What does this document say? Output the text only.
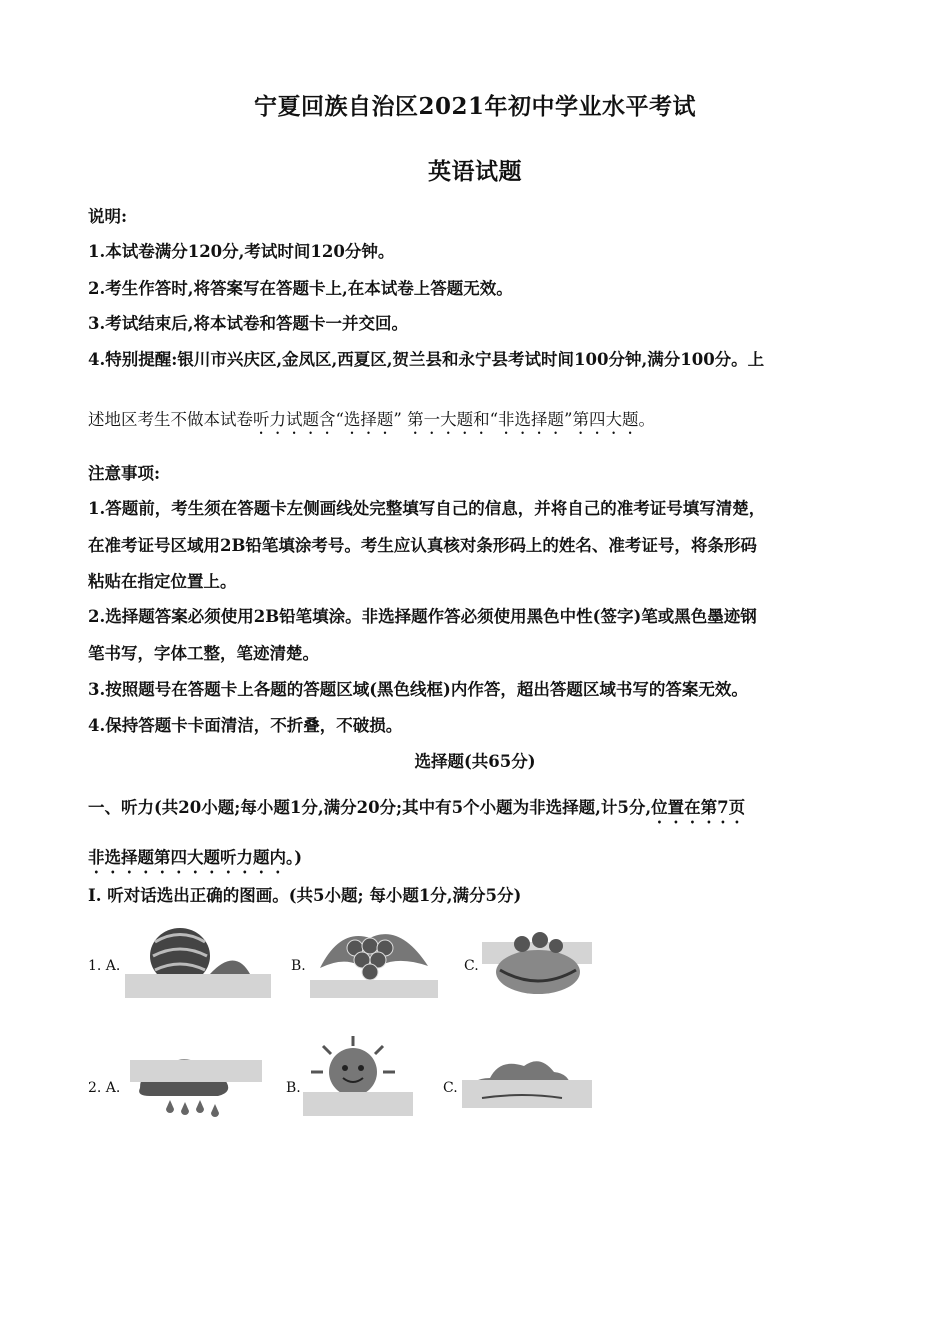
宁夏回族自治区2021年初中学业水平考试
英语试题
说明:
1.本试卷满分120分,考试时间120分钟。
2.考生作答时,将答案写在答题卡上,在本试卷上答题无效。
3.考试结束后,将本试卷和答题卡一并交回。
4.特别提醒:银川市兴庆区,金凤区,西夏区,贺兰县和永宁县考试时间100分钟,满分100分。上
述地区考生不做本试卷听力试题含“选择题” 第一大题和“非选择题”第四大题。
注意事项:
1.答题前，考生须在答题卡左侧画线处完整填写自己的信息，并将自己的准考证号填写清楚，
在准考证号区域用2B铅笔填涂考号。考生应认真核对条形码上的姓名、准考证号，将条形码
粘贴在指定位置上。
2.选择题答案必须使用2B铅笔填涂。非选择题作答必须使用黑色中性(签字)笔或黑色墨迹钢
笔书写，字体工整，笔迹清楚。
3.按照题号在答题卡上各题的答题区域(黑色线框)内作答，超出答题区域书写的答案无效。
4.保持答题卡卡面清洁，不折叠，不破损。
选择题(共65分)
一、听力(共20小题;每小题1分,满分20分;其中有5个小题为非选择题,计5分,位置在第7页
非选择题第四大题听力题内。)
I. 听对话选出正确的图画。(共5小题; 每小题1分,满分5分)
1. A.	B.	C.
2. A.	B.	C.
